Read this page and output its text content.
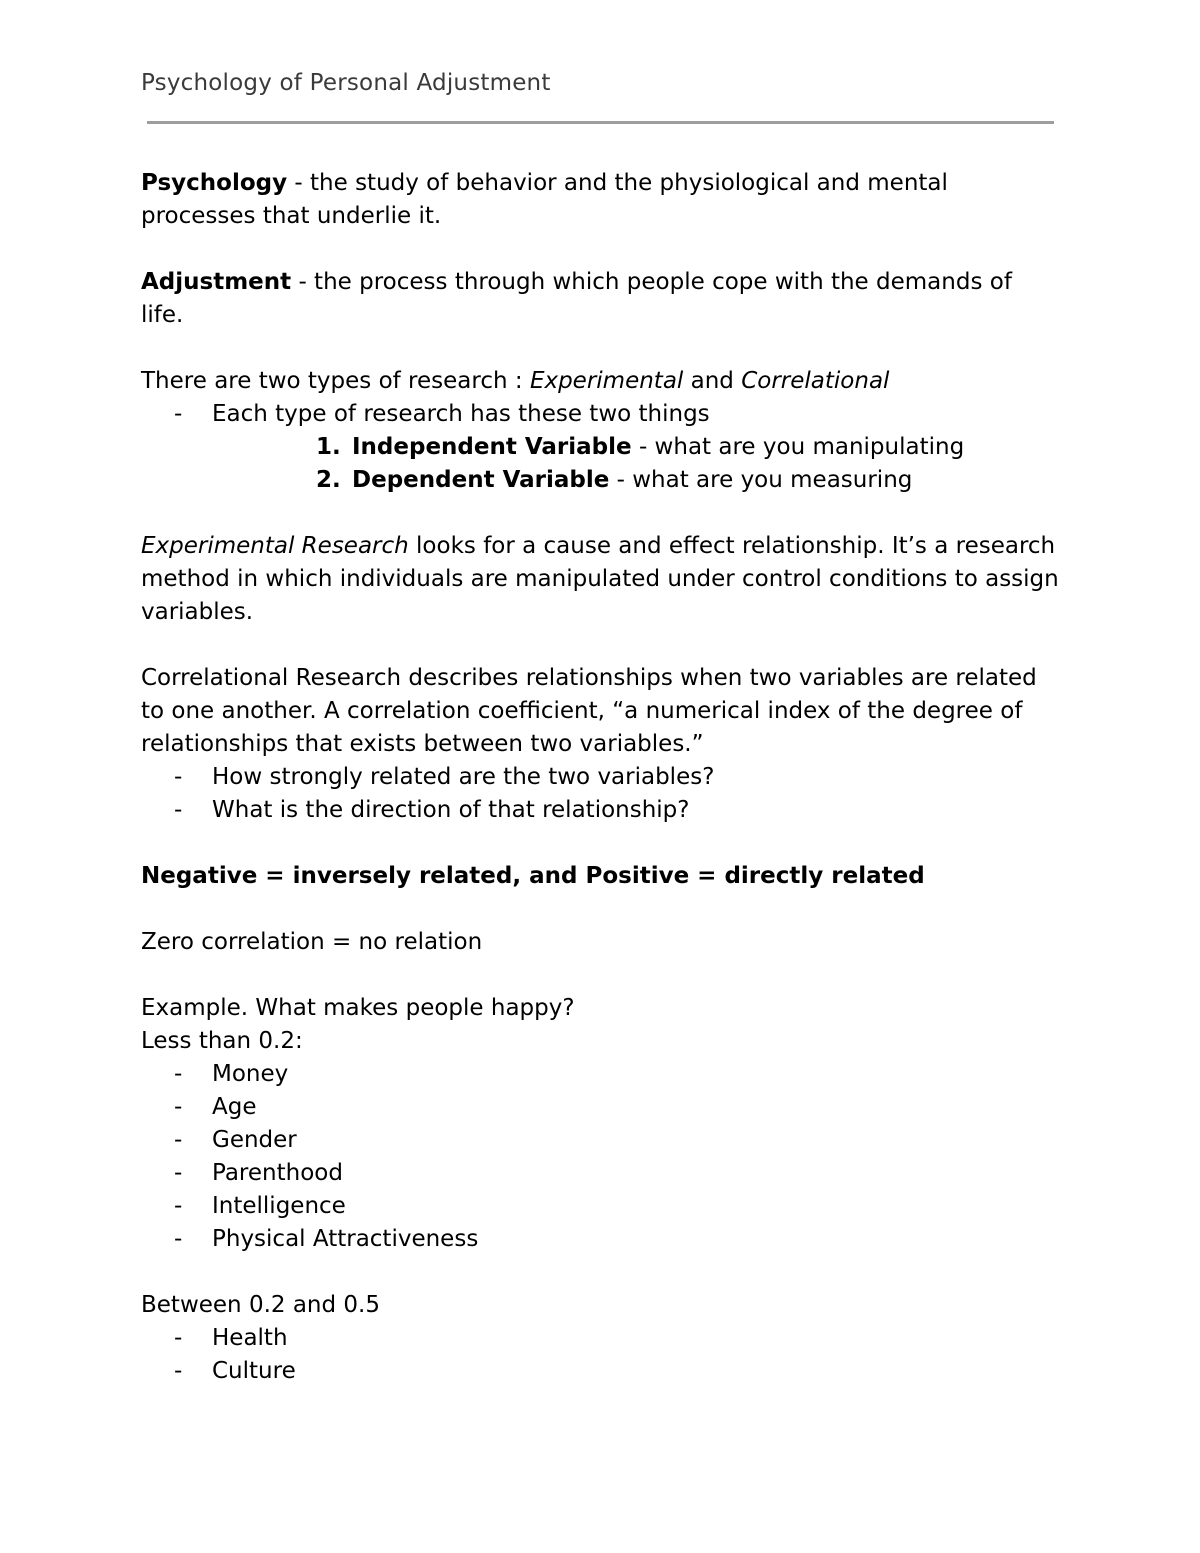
Psychology of Personal Adjustment

Psychology - the study of behavior and the physiological and mental processes that underlie it.

Adjustment - the process through which people cope with the demands of life.

There are two types of research : Experimental and Correlational

- Each type of research has these two things
1. Independent Variable - what are you manipulating
2. Dependent Variable - what are you measuring

Experimental Research looks for a cause and effect relationship. It’s a research method in which individuals are manipulated under control conditions to assign variables.

Correlational Research describes relationships when two variables are related to one another. A correlation coefficient, “a numerical index of the degree of relationships that exists between two variables.”

- How strongly related are the two variables?
- What is the direction of that relationship?

Negative = inversely related, and Positive = directly related

Zero correlation = no relation

Example. What makes people happy?

Less than 0.2:

- Money
- Age
- Gender
- Parenthood
- Intelligence
- Physical Attractiveness

Between 0.2 and 0.5

- Health
- Culture
